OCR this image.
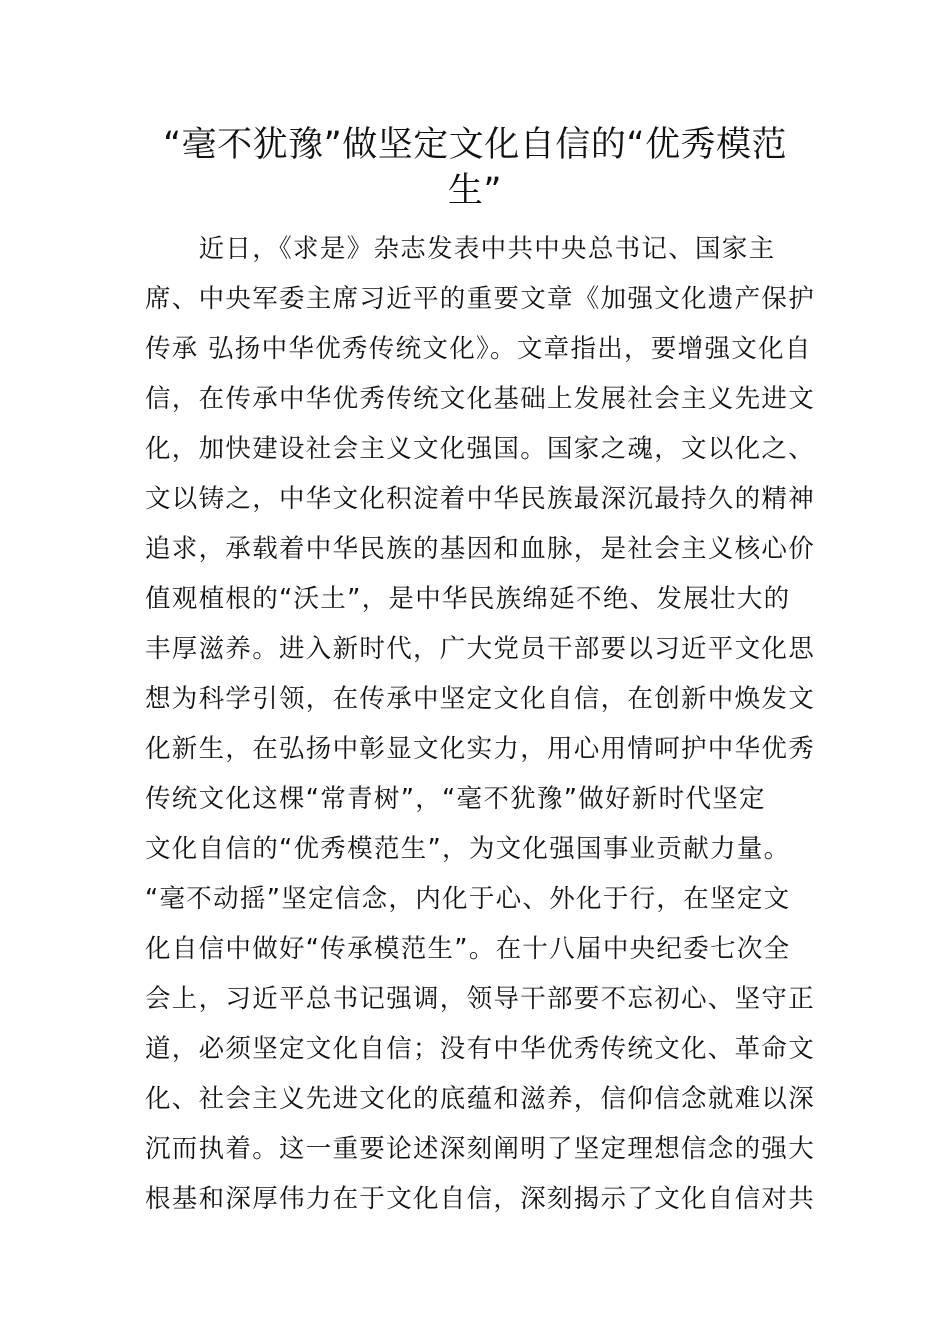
“毫不犹豫”做坚定文化自信的“优秀模范
生”
　　近日，《求是》杂志发表中共中央总书记、国家主
席、中央军委主席习近平的重要文章《加强文化遗产保护
传承 弘扬中华优秀传统文化》。文章指出，要增强文化自
信，在传承中华优秀传统文化基础上发展社会主义先进文
化，加快建设社会主义文化强国。国家之魂，文以化之、
文以铸之，中华文化积淀着中华民族最深沉最持久的精神
追求，承载着中华民族的基因和血脉，是社会主义核心价
值观植根的“沃土”，是中华民族绵延不绝、发展壮大的
丰厚滋养。进入新时代，广大党员干部要以习近平文化思
想为科学引领，在传承中坚定文化自信，在创新中焕发文
化新生，在弘扬中彰显文化实力，用心用情呵护中华优秀
传统文化这棵“常青树”，“毫不犹豫”做好新时代坚定
文化自信的“优秀模范生”，为文化强国事业贡献力量。
“毫不动摇”坚定信念，内化于心、外化于行，在坚定文
化自信中做好“传承模范生”。在十八届中央纪委七次全
会上，习近平总书记强调，领导干部要不忘初心、坚守正
道，必须坚定文化自信；没有中华优秀传统文化、革命文
化、社会主义先进文化的底蕴和滋养，信仰信念就难以深
沉而执着。这一重要论述深刻阐明了坚定理想信念的强大
根基和深厚伟力在于文化自信，深刻揭示了文化自信对共
